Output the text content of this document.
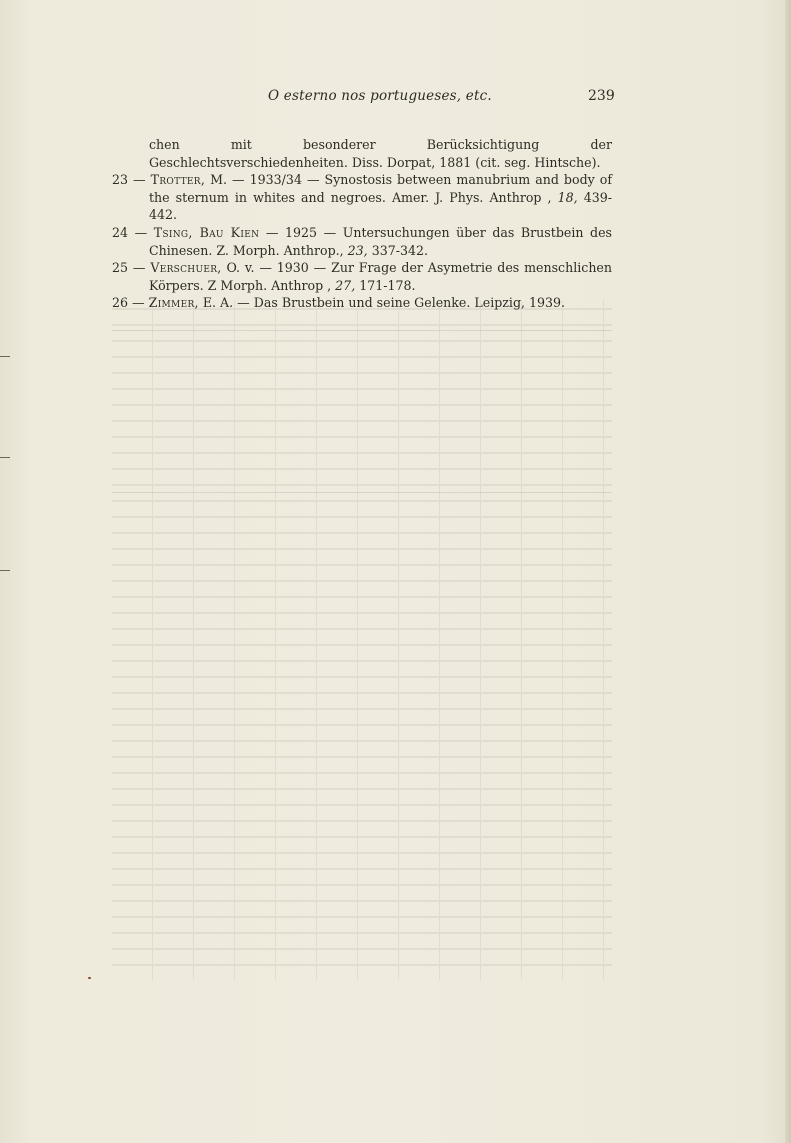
O esterno nos portugueses, etc.	239

chen mit besonderer Berücksichtigung der Geschlechtsverschiedenheiten. Diss. Dorpat, 1881 (cit. seg. Hintsche).

23 — Trotter, M. — 1933/34 — Synostosis between manubrium and body of the sternum in whites and negroes. Amer. J. Phys. Anthrop , 18, 439-442.

24 — Tsing, Bau Kien — 1925 — Untersuchungen über das Brustbein des Chinesen. Z. Morph. Anthrop., 23, 337-342.

25 — Verschuer, O. v. — 1930 — Zur Frage der Asymetrie des menschlichen Körpers. Z Morph. Anthrop , 27, 171-178.

26 — Zimmer, E. A. — Das Brustbein und seine Gelenke. Leipzig, 1939.
